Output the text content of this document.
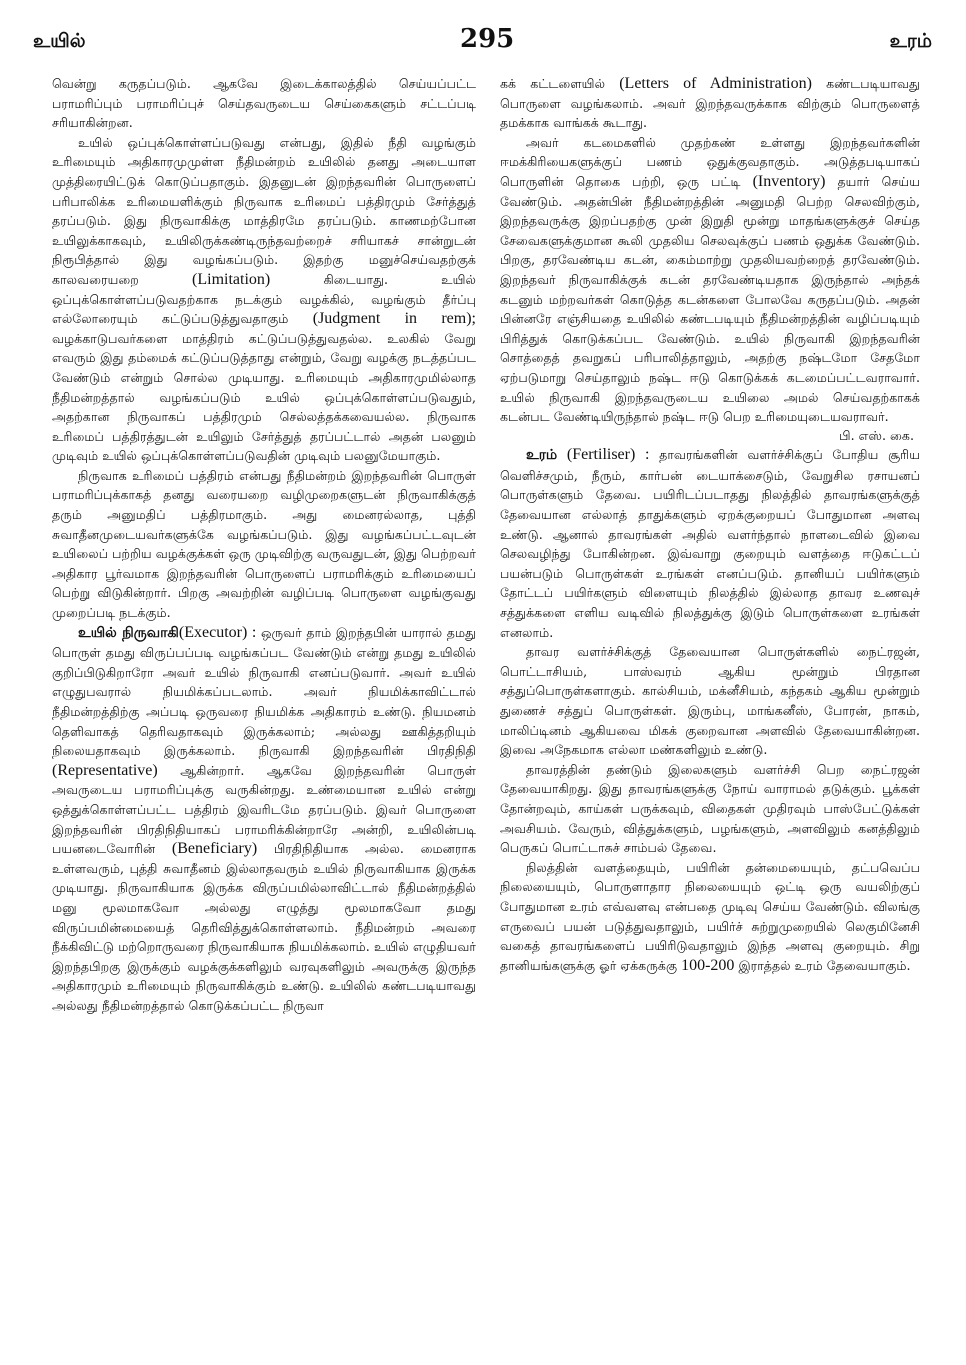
உயில்	295	உரம்

வென்று கருதப்படும். ஆகவே இடைக்காலத்தில் செய்யப்பட்ட பராமரிப்பும் பராமரிப்புச் செய்தவருடைய செய்கைகளும் சட்டப்படி சரியாகின்றன.

உயில் ஒப்புக்கொள்ளப்படுவது என்பது, இதில் நீதி வழங்கும் உரிமையும் அதிகாரமுமுள்ள நீதிமன்றம் உயிலில் தனது அடையாள முத்திரையிட்டுக் கொடுப்பதாகும். இதனுடன் இறந்தவரின் பொருளைப் பரிபாலிக்க உரிமையளிக்கும் நிருவாக உரிமைப் பத்திரமும் சேர்த்துத் தரப்படும். இது நிருவாகிக்கு மாத்திரமே தரப்படும். காணமற்போன உயிலுக்காகவும், உயிலிருக்கண்டிருந்தவற்றைச் சரியாகச் சான்றுடன் நிரூபித்தால் இது வழங்கப்படும். இதற்கு மனுச்செய்வதற்குக் காலவரையறை	(Limitation)	கிடையாது. உயில் ஒப்புக்கொள்ளப்படுவதற்காக நடக்கும் வழக்கில், வழங்கும் தீர்ப்பு எல்லோரையும் கட்டுப்படுத்துவதாகும் (Judgment in rem); வழக்காடுபவர்களை மாத்திரம் கட்டுப்படுத்துவதல்ல. உலகில் வேறு எவரும் இது தம்மைக் கட்டுப்படுத்தாது என்றும், வேறு வழக்கு நடத்தப்பட வேண்டும் என்றும் சொல்ல முடியாது. உரிமையும் அதிகாரமுமில்லாத நீதிமன்றத்தால் வழங்கப்படும் உயில் ஒப்புக்கொள்ளப்படுவதும், அதற்கான நிருவாகப் பத்திரமும் செல்லத்தக்கவையல்ல. நிருவாக உரிமைப் பத்திரத்துடன் உயிலும் சேர்த்துத் தரப்பட்டால் அதன் பலனும் முடிவும் உயில் ஒப்புக்கொள்ளப்படுவதின் முடிவும் பலனுமேயாகும்.

நிருவாக உரிமைப் பத்திரம் என்பது நீதிமன்றம் இறந்தவரின் பொருள் பராமரிப்புக்காகத் தனது வரையறை வழிமுறைகளுடன் நிருவாகிக்குத் தரும் அனுமதிப் பத்திரமாகும். அது மைனரல்லாத, புத்தி சுவாதீனமுடையவர்களுக்கே வழங்கப்படும். இது வழங்கப்பட்டவுடன் உயிலைப் பற்றிய வழக்குக்கள் ஒரு முடிவிற்கு வருவதுடன், இது பெற்றவர் அதிகார பூர்வமாக இறந்தவரின் பொருளைப் பராமரிக்கும் உரிமையைப் பெற்று விடுகின்றார். பிறகு அவற்றின் வழிப்படி பொருளை வழங்குவது முறைப்படி நடக்கும்.

உயில் நிருவாகி(Executor) : ஒருவர் தாம் இறந்தபின் யாரால் தமது பொருள் தமது விருப்பப்படி வழங்கப்பட வேண்டும் என்று தமது உயிலில் குறிப்பிடுகிறாரோ அவர் உயில் நிருவாகி எனப்படுவார். அவர் உயில் எழுதுபவரால் நியமிக்கப்படலாம். அவர் நியமிக்காவிட்டால் நீதிமன்றத்திற்கு அப்படி ஒருவரை நியமிக்க அதிகாரம் உண்டு. நியமனம் தெளிவாகத் தெரிவதாகவும் இருக்கலாம்; அல்லது ஊகித்தறியும் நிலையதாகவும் இருக்கலாம். நிருவாகி இறந்தவரின் பிரதிநிதி (Representative) ஆகின்றார். ஆகவே இறந்தவரின் பொருள் அவருடைய பராமரிப்புக்கு வருகின்றது. உண்மையான உயில் என்று ஒத்துக்கொள்ளப்பட்ட பத்திரம் இவரிடமே தரப்படும். இவர் பொருளை இறந்தவரின் பிரதிநிதியாகப் பராமரிக்கின்றாரே அன்றி, உயிலின்படி பயனடைவோரின் (Beneficiary) பிரதிநிதியாக அல்ல. மைனராக உள்ளவரும், புத்தி சுவாதீனம் இல்லாதவரும் உயில் நிருவாகியாக இருக்க முடியாது. நிருவாகியாக இருக்க விருப்பமில்லாவிட்டால் நீதிமன்றத்தில் மனு மூலமாகவோ அல்லது எழுத்து மூலமாகவோ தமது விருப்பமின்மையைத் தெரிவித்துக்கொள்ளலாம். நீதிமன்றம் அவரை நீக்கிவிட்டு மற்றொருவரை நிருவாகியாக நியமிக்கலாம். உயில் எழுதியவர் இறந்தபிறகு இருக்கும் வழக்குக்களிலும் வரவுகளிலும் அவருக்கு இருந்த அதிகாரமும் உரிமையும் நிருவாகிக்கும் உண்டு. உயிலில் கண்டபடியாவது அல்லது நீதிமன்றத்தால் கொடுக்கப்பட்ட நிருவா

கக் கட்டளையில் (Letters of Administration) கண்டபடியாவது பொருளை வழங்கலாம். அவர் இறந்தவருக்காக விற்கும் பொருளைத் தமக்காக வாங்கக் கூடாது.

அவர் கடமைகளில் முதற்கண் உள்ளது இறந்தவர்களின் ஈமக்கிரியைகளுக்குப் பணம் ஒதுக்குவதாகும். அடுத்தபடியாகப் பொருளின் தொகை பற்றி, ஒரு பட்டி (Inventory) தயார் செய்ய வேண்டும். அதன்பின் நீதிமன்றத்தின் அனுமதி பெற்ற செலவிற்கும், இறந்தவருக்கு இறப்பதற்கு முன் இறுதி மூன்று மாதங்களுக்குச் செய்த சேவைகளுக்குமான கூலி முதலிய செலவுக்குப் பணம் ஒதுக்க வேண்டும். பிறகு, தரவேண்டிய கடன், கைம்மாற்று முதலியவற்றைத் தரவேண்டும். இறந்தவர் நிருவாகிக்குக் கடன் தரவேண்டியதாக இருந்தால் அந்தக் கடனும் மற்றவர்கள் கொடுத்த கடன்களை போலவே கருதப்படும். அதன் பின்னரே எஞ்சியதை உயிலில் கண்டபடியும் நீதிமன்றத்தின் வழிப்படியும் பிரித்துக் கொடுக்கப்பட வேண்டும். உயில் நிருவாகி இறந்தவரின் சொத்தைத் தவறுகப் பரிபாலித்தாலும், அதற்கு நஷ்டமோ சேதமோ ஏற்படுமாறு செய்தாலும் நஷ்ட ஈடு கொடுக்கக் கடமைப்பட்டவராவார். உயில் நிருவாகி இறந்தவருடைய உயிலை அமல் செய்வதற்காகக் கடன்பட வேண்டியிருந்தால் நஷ்ட ஈடு பெற உரிமையுடையவராவர்.

பி. எஸ். கை.

உரம் (Fertiliser) : தாவரங்களின் வளர்ச்சிக்குப் போதிய சூரிய வெளிச்சமும், நீரும், கார்பன் டையாக்சைடும், வேறுசில ரசாயனப் பொருள்களும் தேவை. பயிரிடப்படாதது நிலத்தில் தாவரங்களுக்குத் தேவையான எல்லாத் தாதுக்களும் ஏறக்குறையப் போதுமான அளவு உண்டு. ஆனால் தாவரங்கள் அதில் வளர்ந்தால் நாளடைவில் இவை செலவழிந்து போகின்றன. இவ்வாறு குறையும் வளத்தை ஈடுகட்டப் பயன்படும் பொருள்கள் உரங்கள் எனப்படும். தானியப் பயிர்களும் தோட்டப் பயிர்களும் விளையும் நிலத்தில் இல்லாத தாவர உணவுச் சத்துக்களை எளிய வடிவில் நிலத்துக்கு இடும் பொருள்களை உரங்கள் எனலாம்.

தாவர வளர்ச்சிக்குத் தேவையான பொருள்களில் நைட்ரஜன், பொட்டாசியம், பாஸ்வரம் ஆகிய மூன்றும் பிரதான சத்துப்பொருள்களாகும். கால்சியம், மக்னீசியம், கந்தகம் ஆகிய மூன்றும் துணைச் சத்துப் பொருள்கள். இரும்பு, மாங்கனீஸ், போரன், நாகம், மாலிப்டினம் ஆகியவை மிகக் குறைவான அளவில் தேவையாகின்றன. இவை அநேகமாக எல்லா மண்களிலும் உண்டு.

தாவரத்தின் தண்டும் இலைகளும் வளர்ச்சி பெற நைட்ரஜன் தேவையாகிறது. இது தாவரங்களுக்கு நோய் வாராமல் தடுக்கும். பூக்கள் தோன்றவும், காய்கள் பருக்கவும், விதைகள் முதிரவும் பாஸ்பேட்டுக்கள் அவசியம். வேரும், வித்துக்களும், பழங்களும், அளவிலும் கனத்திலும் பெருகப் பொட்டாசுச் சாம்பல் தேவை.

நிலத்தின் வளத்தையும், பயிரின் தன்மையையும், தட்பவெப்ப நிலையையும், பொருளாதார நிலையையும் ஒட்டி ஒரு வயலிற்குப் போதுமான உரம் எவ்வளவு என்பதை முடிவு செய்ய வேண்டும். விலங்கு எருவைப் பயன் படுத்துவதாலும், பயிர்ச் சுற்றுமுறையில் லெகுமினேசி வகைத் தாவரங்களைப் பயிரிடுவதாலும் இந்த அளவு குறையும். சிறு தானியங்களுக்கு ஓர் ஏக்கருக்கு 100-200 இராத்தல் உரம் தேவையாகும்.
